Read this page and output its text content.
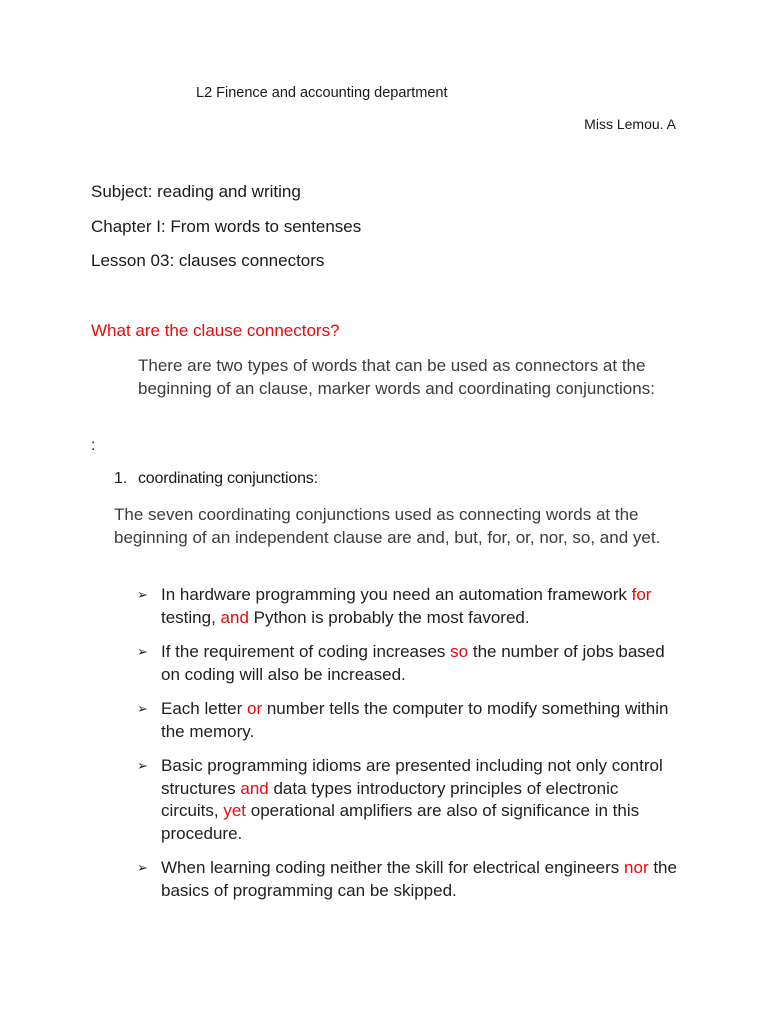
L2 Finence and accounting department
Miss Lemou. A
Subject: reading and writing
Chapter I: From words to sentenses
Lesson 03: clauses connectors
What are the clause connectors?

There are two types of words that can be used as connectors at the beginning of an clause, marker words and coordinating conjunctions:

:
1. coordinating conjunctions:

The seven coordinating conjunctions used as connecting words at the beginning of an independent clause are and, but, for, or, nor, so, and yet.

➢ In hardware programming you need an automation framework for testing, and Python is probably the most favored.
➢ If the requirement of coding increases so the number of jobs based on coding will also be increased.
➢ Each letter or number tells the computer to modify something within the memory.
➢ Basic programming idioms are presented including not only control structures and data types introductory principles of electronic circuits, yet operational amplifiers are also of significance in this procedure.
➢ When learning coding neither the skill for electrical engineers nor the basics of programming can be skipped.
